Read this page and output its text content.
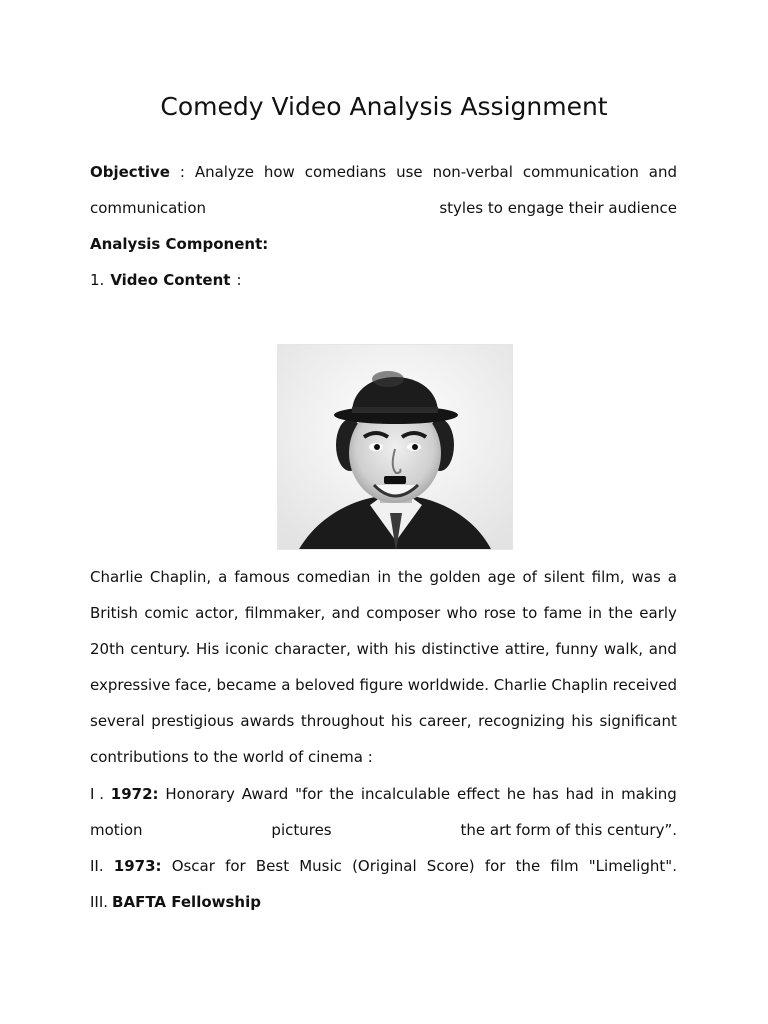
Comedy Video Analysis Assignment
Objective : Analyze how comedians use non-verbal communication and
communication	styles to engage their audience
Analysis Component:
1. Video Content :
Charlie Chaplin, a famous comedian in the golden age of silent film, was a
British comic actor, filmmaker, and composer who rose to fame in the early
20th century. His iconic character, with his distinctive attire, funny walk, and
expressive face, became a beloved figure worldwide. Charlie Chaplin received
several prestigious awards throughout his career, recognizing his significant
contributions to the world of cinema :
I . 1972: Honorary Award "for the incalculable effect he has had in making
motion	pictures	the art form of this century”.
II. 1973: Oscar for Best Music (Original Score) for the film "Limelight".
III. BAFTA Fellowship
